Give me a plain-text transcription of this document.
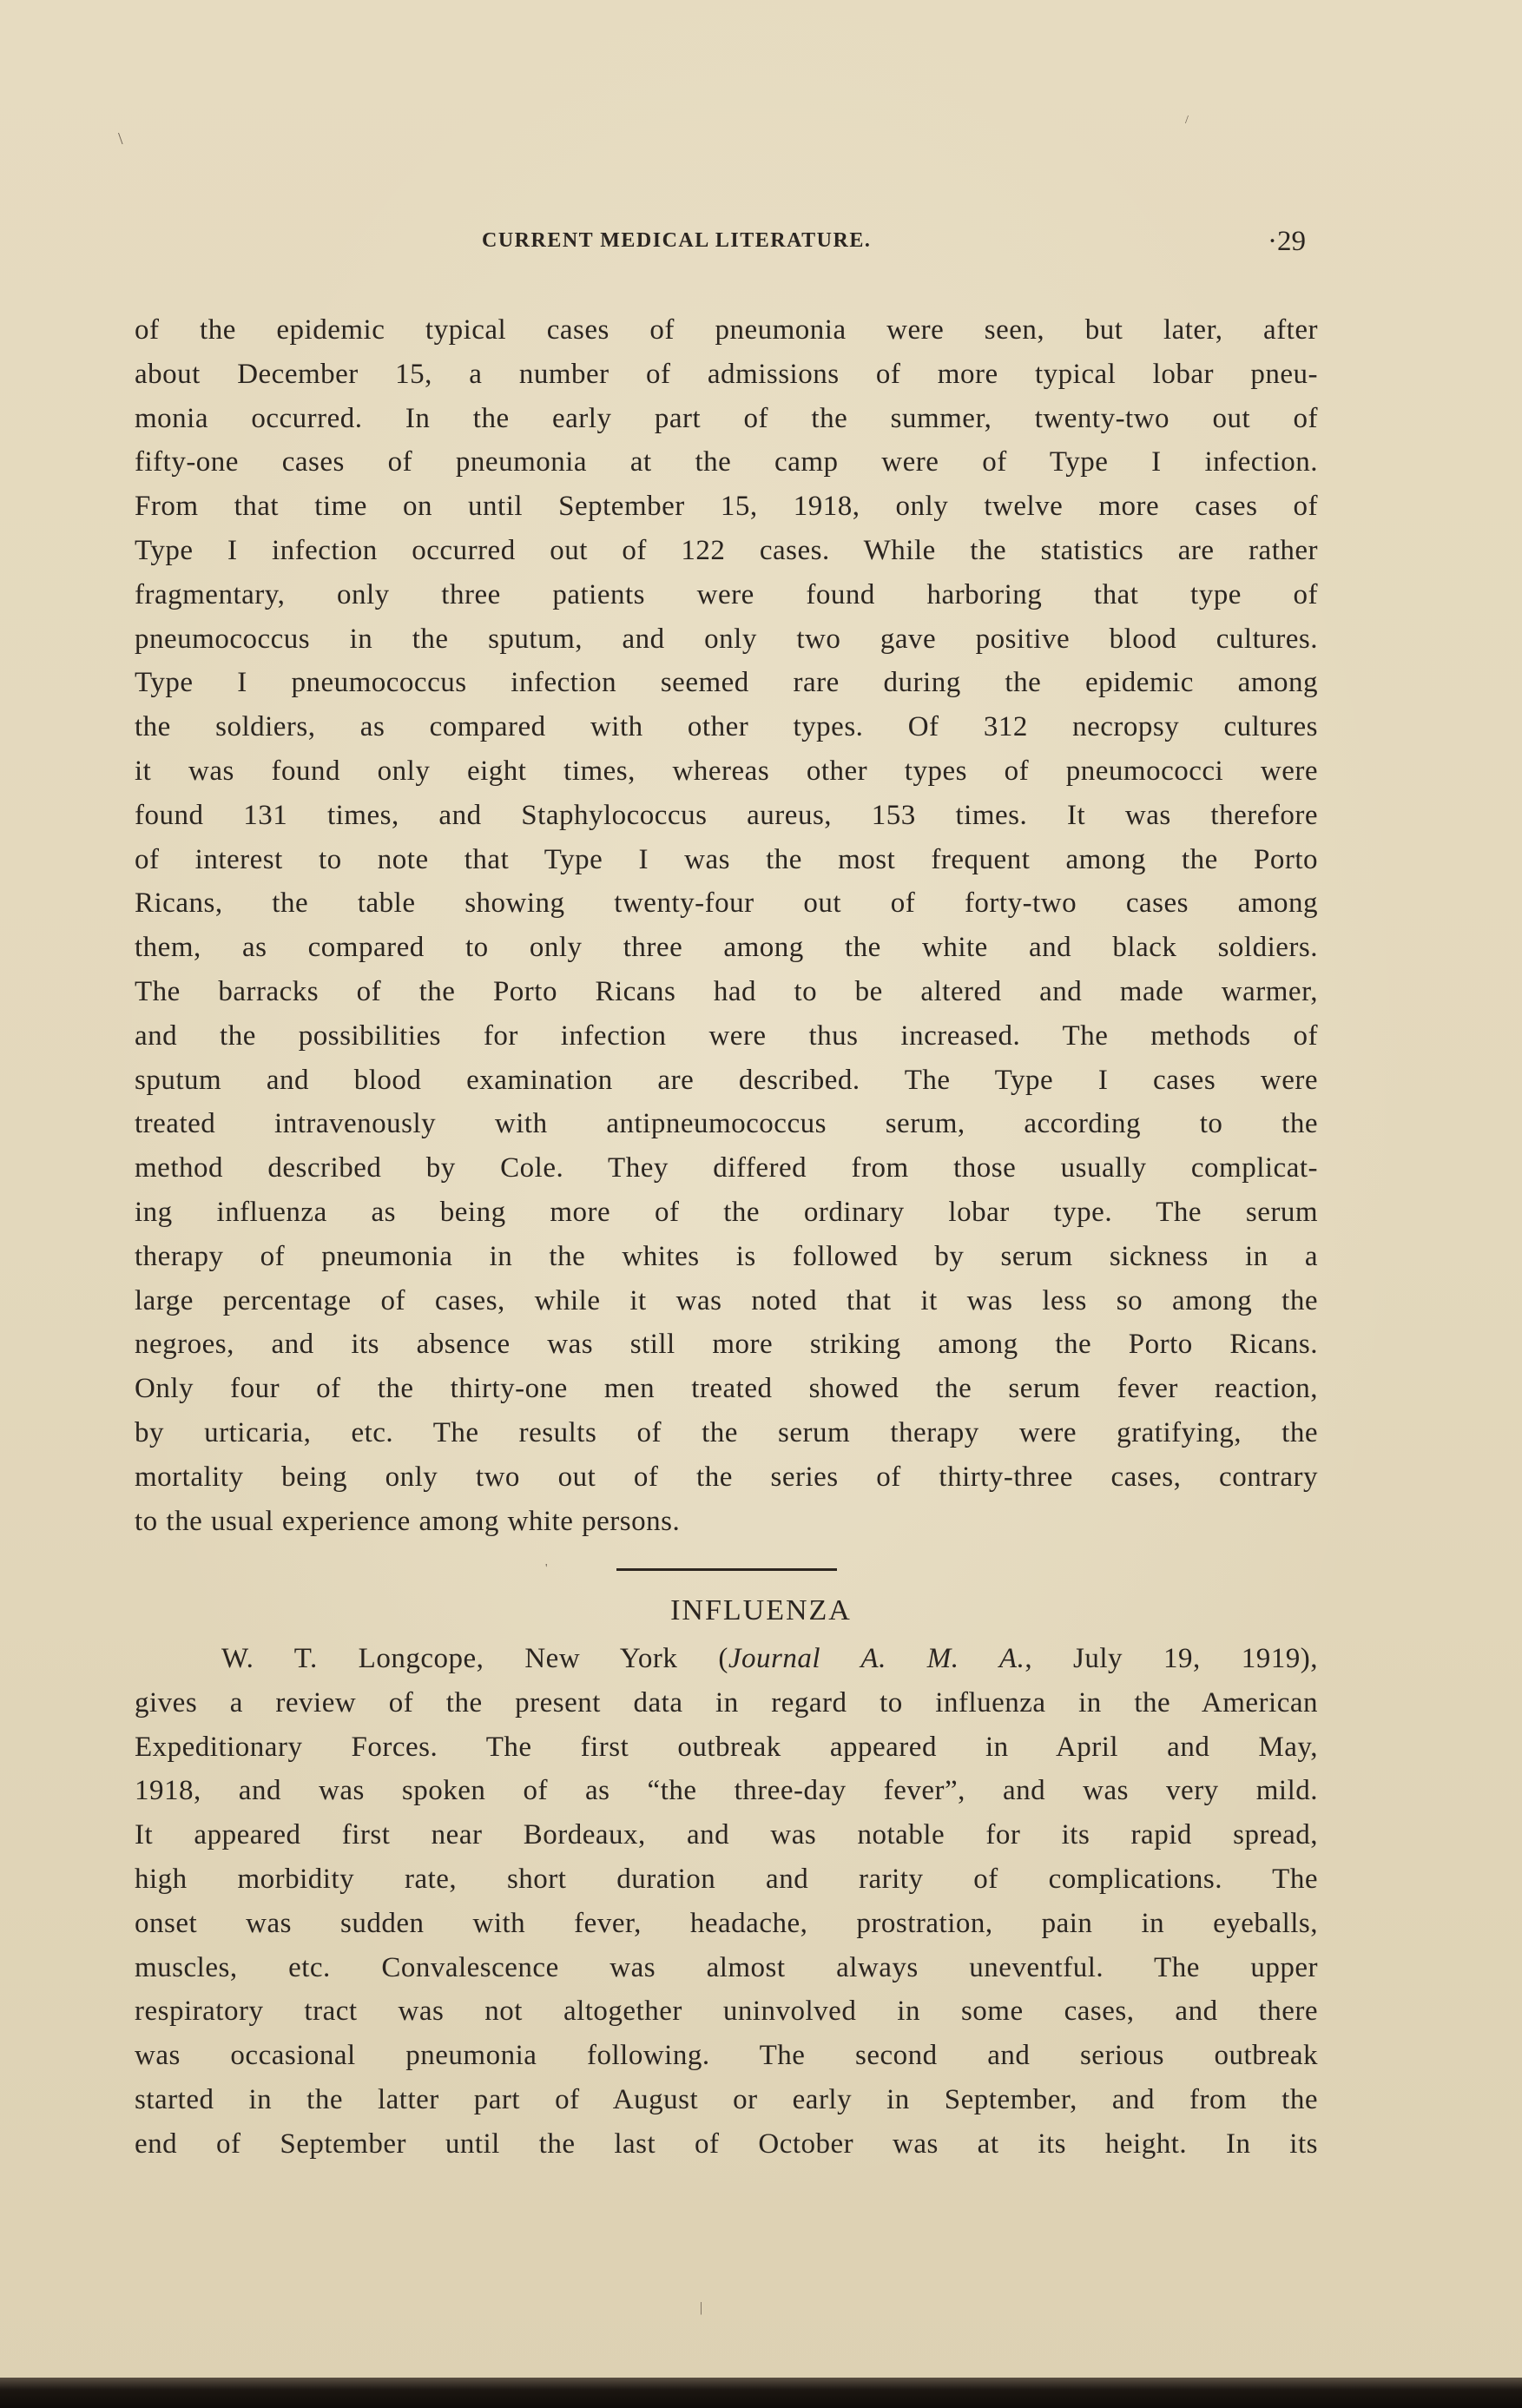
\
/
'
|
CURRENT MEDICAL LITERATURE.	·29
of the epidemic typical cases of pneumonia were seen, but later, after
about December 15, a number of admissions of more typical lobar pneu-
monia occurred. In the early part of the summer, twenty-two out of
fifty-one cases of pneumonia at the camp were of Type I infection.
From that time on until September 15, 1918, only twelve more cases of
Type I infection occurred out of 122 cases. While the statistics are rather
fragmentary, only three patients were found harboring that type of
pneumococcus in the sputum, and only two gave positive blood cultures.
Type I pneumococcus infection seemed rare during the epidemic among
the soldiers, as compared with other types. Of 312 necropsy cultures
it was found only eight times, whereas other types of pneumococci were
found 131 times, and Staphylococcus aureus, 153 times. It was therefore
of interest to note that Type I was the most frequent among the Porto
Ricans, the table showing twenty-four out of forty-two cases among
them, as compared to only three among the white and black soldiers.
The barracks of the Porto Ricans had to be altered and made warmer,
and the possibilities for infection were thus increased. The methods of
sputum and blood examination are described. The Type I cases were
treated intravenously with antipneumococcus serum, according to the
method described by Cole. They differed from those usually complicat-
ing influenza as being more of the ordinary lobar type. The serum
therapy of pneumonia in the whites is followed by serum sickness in a
large percentage of cases, while it was noted that it was less so among the
negroes, and its absence was still more striking among the Porto Ricans.
Only four of the thirty-one men treated showed the serum fever reaction,
by urticaria, etc. The results of the serum therapy were gratifying, the
mortality being only two out of the series of thirty-three cases, contrary
to the usual experience among white persons.
INFLUENZA
W. T. Longcope, New York (Journal A. M. A., July 19, 1919),
gives a review of the present data in regard to influenza in the American
Expeditionary Forces. The first outbreak appeared in April and May,
1918, and was spoken of as “the three-day fever”, and was very mild.
It appeared first near Bordeaux, and was notable for its rapid spread,
high morbidity rate, short duration and rarity of complications. The
onset was sudden with fever, headache, prostration, pain in eyeballs,
muscles, etc. Convalescence was almost always uneventful. The upper
respiratory tract was not altogether uninvolved in some cases, and there
was occasional pneumonia following. The second and serious outbreak
started in the latter part of August or early in September, and from the
end of September until the last of October was at its height. In its
